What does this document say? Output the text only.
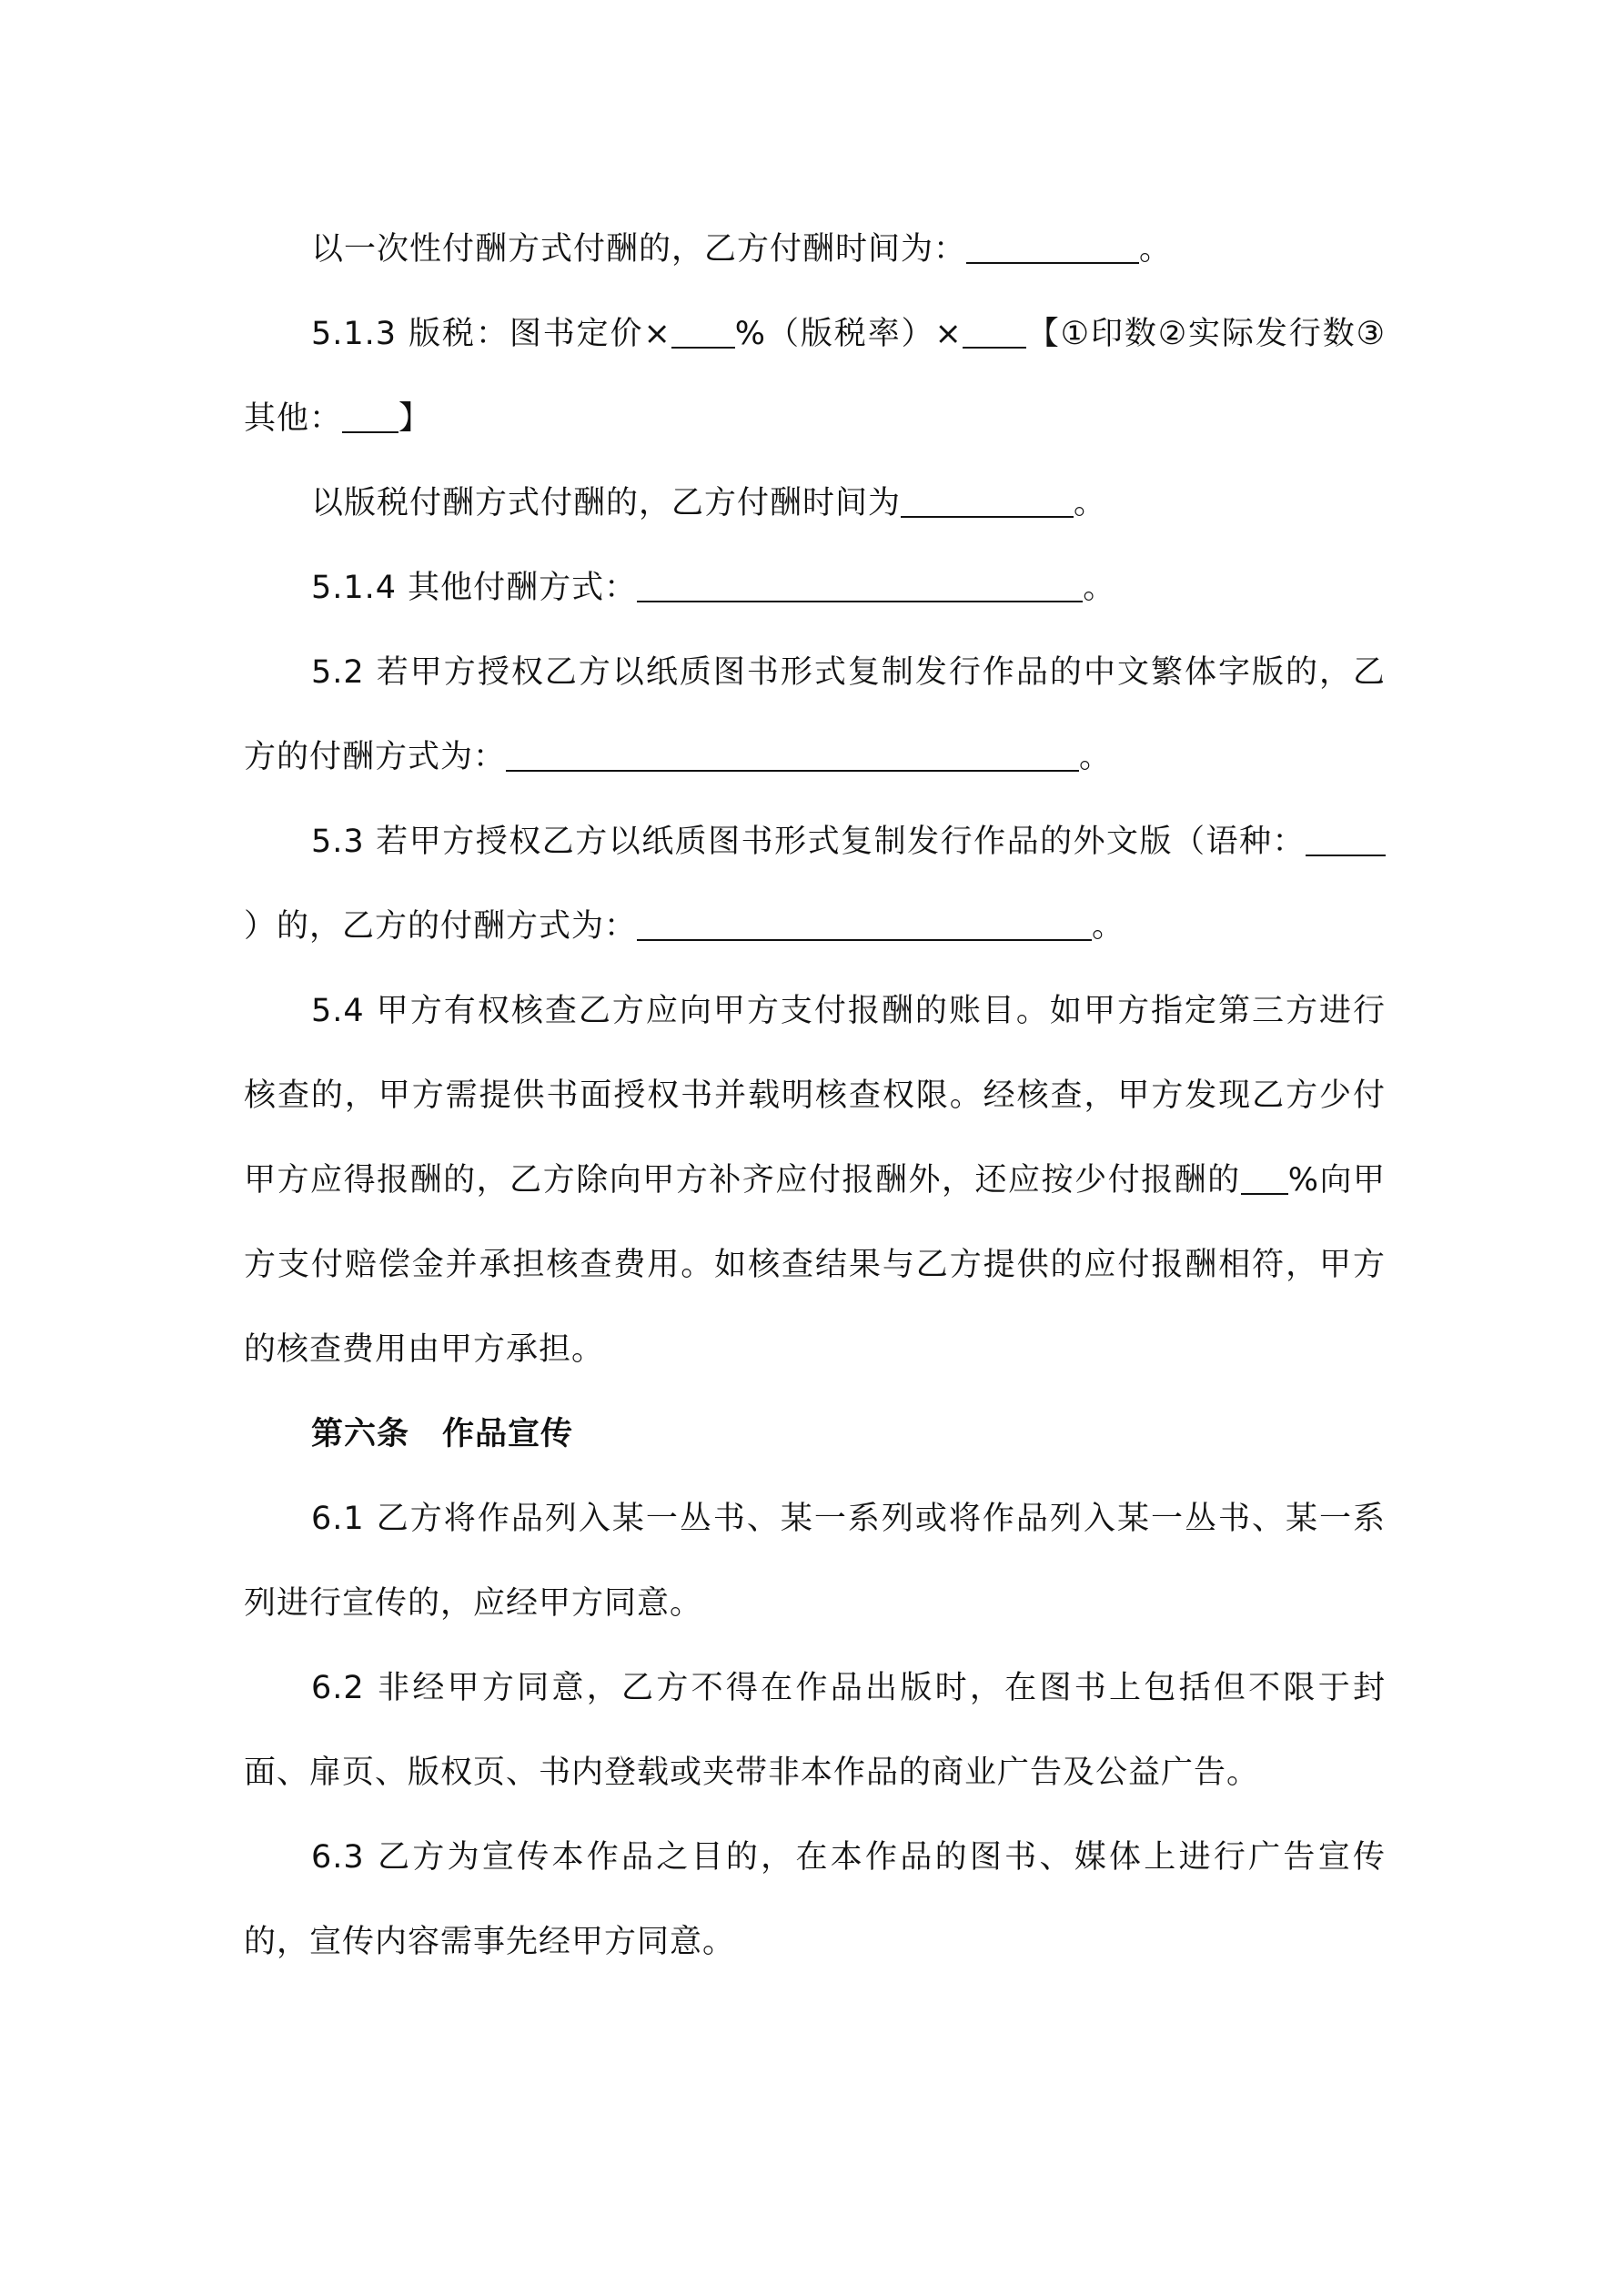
以一次性付酬方式付酬的，乙方付酬时间为：	。

5.1.3 版税：图书定价× %（版税率）× 【①印数②实际发行数③其他： 】

以版税付酬方式付酬的，乙方付酬时间为	。

5.1.4 其他付酬方式：	。

5.2 若甲方授权乙方以纸质图书形式复制发行作品的中文繁体字版的，乙方的付酬方式为：	。

5.3 若甲方授权乙方以纸质图书形式复制发行作品的外文版（语种：）的，乙方的付酬方式为：	。

5.4 甲方有权核查乙方应向甲方支付报酬的账目。如甲方指定第三方进行核查的，甲方需提供书面授权书并载明核查权限。经核查，甲方发现乙方少付甲方应得报酬的，乙方除向甲方补齐应付报酬外，还应按少付报酬的 %向甲方支付赔偿金并承担核查费用。如核查结果与乙方提供的应付报酬相符，甲方的核查费用由甲方承担。

第六条　作品宣传

6.1 乙方将作品列入某一丛书、某一系列或将作品列入某一丛书、某一系列进行宣传的，应经甲方同意。

6.2 非经甲方同意，乙方不得在作品出版时，在图书上包括但不限于封面、扉页、版权页、书内登载或夹带非本作品的商业广告及公益广告。

6.3 乙方为宣传本作品之目的，在本作品的图书、媒体上进行广告宣传的，宣传内容需事先经甲方同意。
